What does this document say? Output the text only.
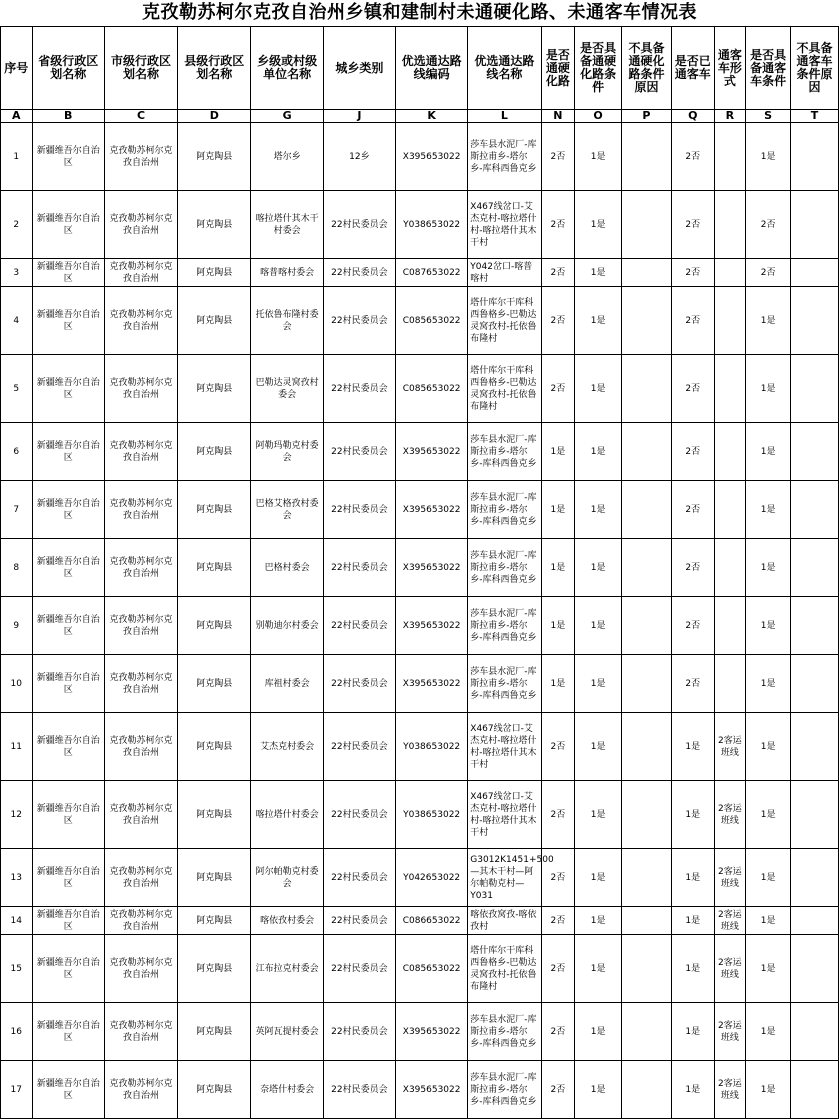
克孜勒苏柯尔克孜自治州乡镇和建制村未通硬化路、未通客车情况表
序号	省级行政区划名称	市级行政区划名称	县级行政区划名称	乡级或村级单位名称	城乡类别	优选通达路线编码	优选通达路线名称	是否通硬化路	是否具备通硬化路条件	不具备通硬化路条件原因	是否已通客车	通客车形式	是否具备通客车条件	不具备通客车条件原因
A	B	C	D	G	J	K	L	N	O	P	Q	R	S	T
1	新疆维吾尔自治区	克孜勒苏柯尔克孜自治州	阿克陶县	塔尔乡	12乡	X395653022	莎车县水泥厂-库斯拉甫乡-塔尔乡-库科西鲁克乡	2否	1是		2否		1是	
2	新疆维吾尔自治区	克孜勒苏柯尔克孜自治州	阿克陶县	喀拉塔什其木干村委会	22村民委员会	Y038653022	X467线岔口-艾杰克村-喀拉塔什村-喀拉塔什其木干村	2否	1是		2否		2否	
3	新疆维吾尔自治区	克孜勒苏柯尔克孜自治州	阿克陶县	喀普喀村委会	22村民委员会	C087653022	Y042岔口-喀普喀村	2否	1是		2否		2否	
4	新疆维吾尔自治区	克孜勒苏柯尔克孜自治州	阿克陶县	托依鲁布隆村委会	22村民委员会	C085653022	塔什库尔干库科西鲁格乡-巴勒达灵窝孜村-托依鲁布隆村	2否	1是		2否		1是	
5	新疆维吾尔自治区	克孜勒苏柯尔克孜自治州	阿克陶县	巴勒达灵窝孜村委会	22村民委员会	C085653022	塔什库尔干库科西鲁格乡-巴勒达灵窝孜村-托依鲁布隆村	2否	1是		2否		1是	
6	新疆维吾尔自治区	克孜勒苏柯尔克孜自治州	阿克陶县	阿勒玛勒克村委会	22村民委员会	X395653022	莎车县水泥厂-库斯拉甫乡-塔尔乡-库科西鲁克乡	1是	1是		2否		1是	
7	新疆维吾尔自治区	克孜勒苏柯尔克孜自治州	阿克陶县	巴格艾格孜村委会	22村民委员会	X395653022	莎车县水泥厂-库斯拉甫乡-塔尔乡-库科西鲁克乡	1是	1是		2否		1是	
8	新疆维吾尔自治区	克孜勒苏柯尔克孜自治州	阿克陶县	巴格村委会	22村民委员会	X395653022	莎车县水泥厂-库斯拉甫乡-塔尔乡-库科西鲁克乡	1是	1是		2否		1是	
9	新疆维吾尔自治区	克孜勒苏柯尔克孜自治州	阿克陶县	别勒迪尔村委会	22村民委员会	X395653022	莎车县水泥厂-库斯拉甫乡-塔尔乡-库科西鲁克乡	1是	1是		2否		1是	
10	新疆维吾尔自治区	克孜勒苏柯尔克孜自治州	阿克陶县	库祖村委会	22村民委员会	X395653022	莎车县水泥厂-库斯拉甫乡-塔尔乡-库科西鲁克乡	1是	1是		2否		1是	
11	新疆维吾尔自治区	克孜勒苏柯尔克孜自治州	阿克陶县	艾杰克村委会	22村民委员会	Y038653022	X467线岔口-艾杰克村-喀拉塔什村-喀拉塔什其木干村	2否	1是		1是	2客运班线	1是	
12	新疆维吾尔自治区	克孜勒苏柯尔克孜自治州	阿克陶县	喀拉塔什村委会	22村民委员会	Y038653022	X467线岔口-艾杰克村-喀拉塔什村-喀拉塔什其木干村	2否	1是		1是	2客运班线	1是	
13	新疆维吾尔自治区	克孜勒苏柯尔克孜自治州	阿克陶县	阿尔帕勒克村委会	22村民委员会	Y042653022	G3012K1451+500—其木干村—阿尔帕勒克村—Y031	2否	1是		1是	2客运班线	1是	
14	新疆维吾尔自治区	克孜勒苏柯尔克孜自治州	阿克陶县	喀依孜村委会	22村民委员会	C086653022	喀依孜窝孜-喀依孜村	2否	1是		1是	2客运班线	1是	
15	新疆维吾尔自治区	克孜勒苏柯尔克孜自治州	阿克陶县	江布拉克村委会	22村民委员会	C085653022	塔什库尔干库科西鲁格乡-巴勒达灵窝孜村-托依鲁布隆村	2否	1是		1是	2客运班线	1是	
16	新疆维吾尔自治区	克孜勒苏柯尔克孜自治州	阿克陶县	英阿瓦提村委会	22村民委员会	X395653022	莎车县水泥厂-库斯拉甫乡-塔尔乡-库科西鲁克乡	2否	1是		1是	2客运班线	1是	
17	新疆维吾尔自治区	克孜勒苏柯尔克孜自治州	阿克陶县	奈塔什村委会	22村民委员会	X395653022	莎车县水泥厂-库斯拉甫乡-塔尔乡-库科西鲁克乡	2否	1是		1是	2客运班线	1是	
